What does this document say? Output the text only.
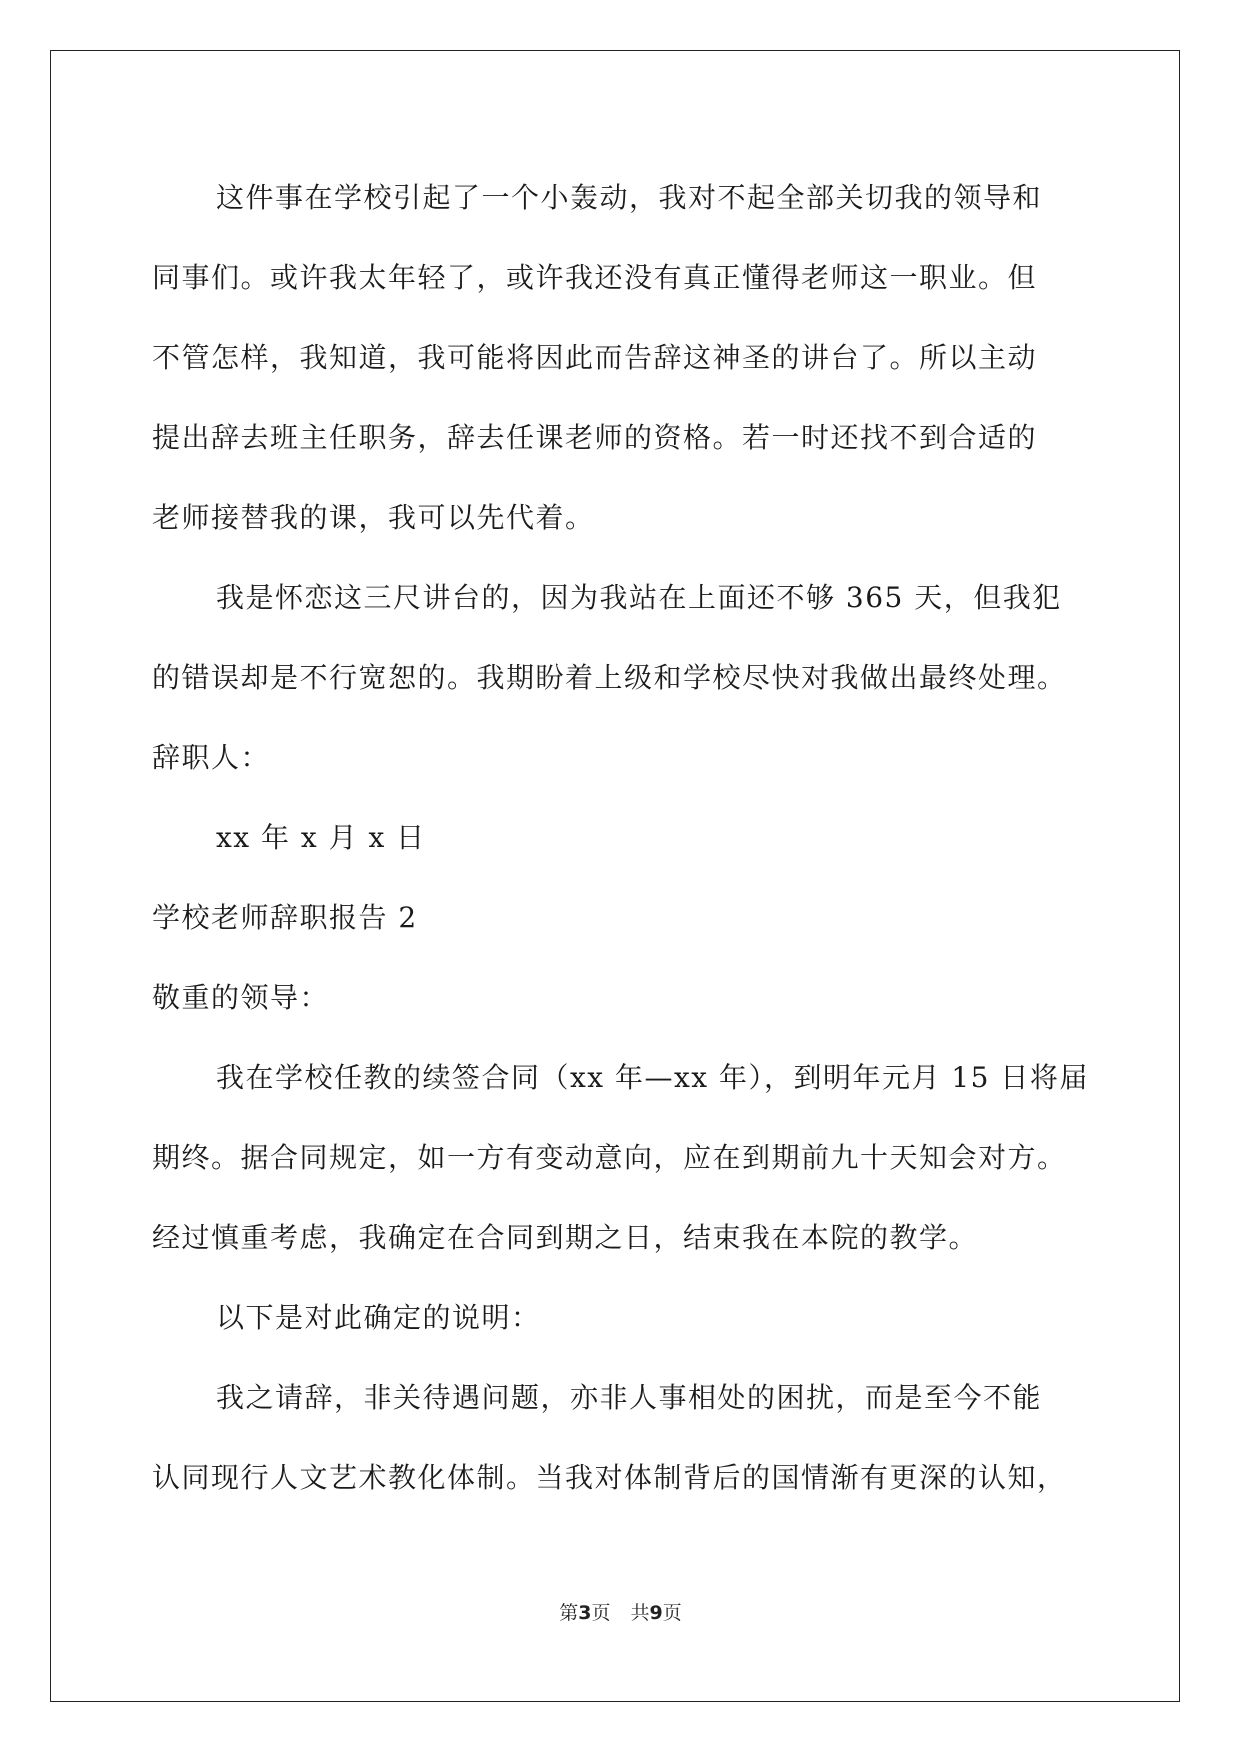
这件事在学校引起了一个小轰动，我对不起全部关切我的领导和
同事们。或许我太年轻了，或许我还没有真正懂得老师这一职业。但
不管怎样，我知道，我可能将因此而告辞这神圣的讲台了。所以主动
提出辞去班主任职务，辞去任课老师的资格。若一时还找不到合适的
老师接替我的课，我可以先代着。
我是怀恋这三尺讲台的，因为我站在上面还不够 365 天，但我犯
的错误却是不行宽恕的。我期盼着上级和学校尽快对我做出最终处理。
辞职人：
xx 年 x 月 x 日
学校老师辞职报告 2
敬重的领导：
我在学校任教的续签合同（xx 年—xx 年），到明年元月 15 日将届
期终。据合同规定，如一方有变动意向，应在到期前九十天知会对方。
经过慎重考虑，我确定在合同到期之日，结束我在本院的教学。
以下是对此确定的说明：
我之请辞，非关待遇问题，亦非人事相处的困扰，而是至今不能
认同现行人文艺术教化体制。当我对体制背后的国情渐有更深的认知，
第3页 共9页
